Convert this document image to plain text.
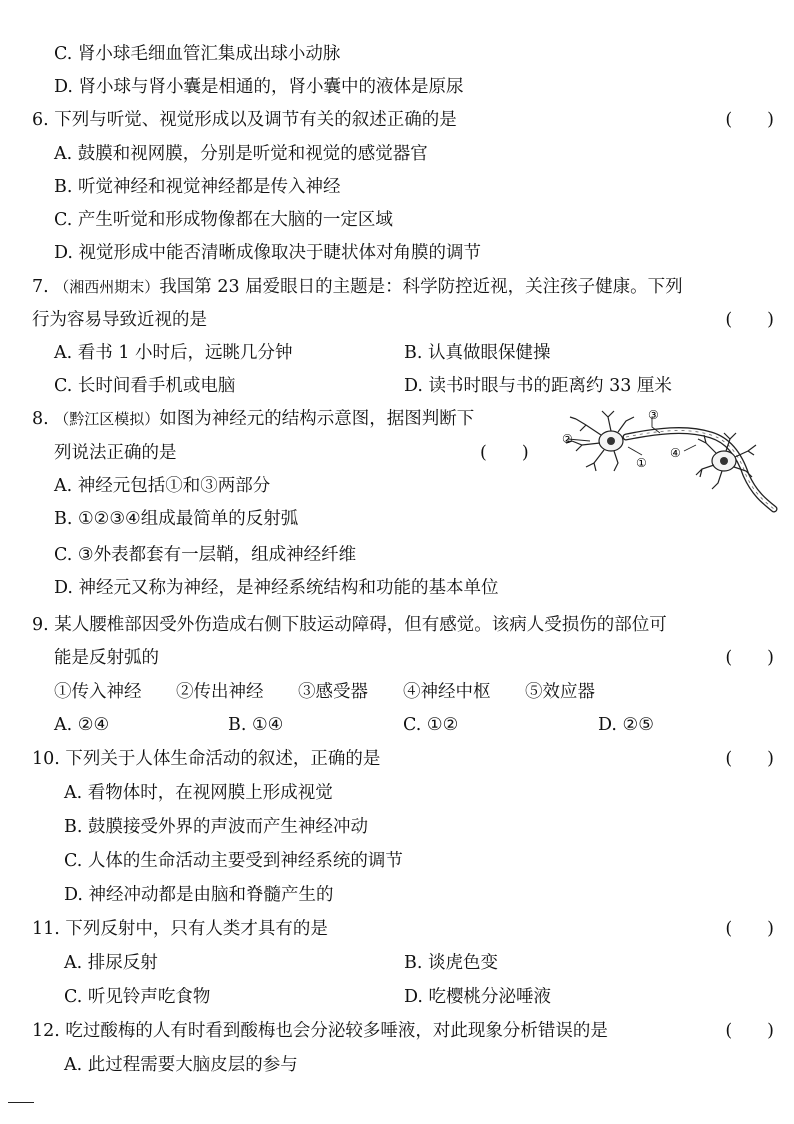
C. 肾小球毛细血管汇集成出球小动脉
D. 肾小球与肾小囊是相通的，肾小囊中的液体是原尿
6. 下列与听觉、视觉形成以及调节有关的叙述正确的是	(　　)
A. 鼓膜和视网膜，分别是听觉和视觉的感觉器官
B. 听觉神经和视觉神经都是传入神经
C. 产生听觉和形成物像都在大脑的一定区域
D. 视觉形成中能否清晰成像取决于睫状体对角膜的调节
7. （湘西州期末）我国第 23 届爱眼日的主题是：科学防控近视，关注孩子健康。下列
行为容易导致近视的是	(　　)
A. 看书 1 小时后，远眺几分钟	B. 认真做眼保健操
C. 长时间看手机或电脑	D. 读书时眼与书的距离约 33 厘米
8. （黔江区模拟）如图为神经元的结构示意图，据图判断下
列说法正确的是	(　　)
②
③
①
④
A. 神经元包括①和③两部分
B. ①②③④组成最简单的反射弧
C. ③外表都套有一层鞘，组成神经纤维
D. 神经元又称为神经，是神经系统结构和功能的基本单位
9. 某人腰椎部因受外伤造成右侧下肢运动障碍，但有感觉。该病人受损伤的部位可
能是反射弧的	(　　)
①传入神经 ②传出神经 ③感受器 ④神经中枢 ⑤效应器
A. ②④	B. ①④	C. ①②	D. ②⑤
10. 下列关于人体生命活动的叙述，正确的是	(　　)
A. 看物体时，在视网膜上形成视觉
B. 鼓膜接受外界的声波而产生神经冲动
C. 人体的生命活动主要受到神经系统的调节
D. 神经冲动都是由脑和脊髓产生的
11. 下列反射中，只有人类才具有的是	(　　)
A. 排尿反射	B. 谈虎色变
C. 听见铃声吃食物	D. 吃樱桃分泌唾液
12. 吃过酸梅的人有时看到酸梅也会分泌较多唾液，对此现象分析错误的是	(　　)
A. 此过程需要大脑皮层的参与
